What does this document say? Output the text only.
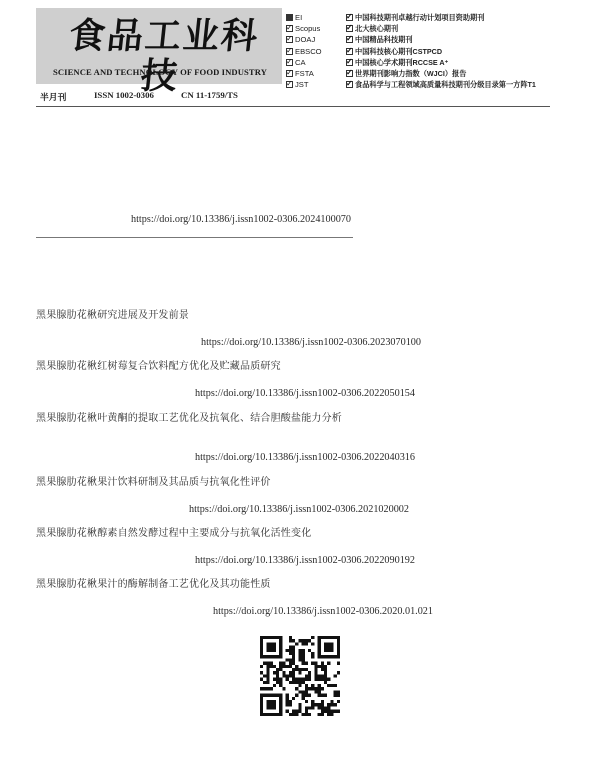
食品工业科技
SCIENCE AND TECHNOLOGY OF FOOD INDUSTRY
半月刊	ISSN 1002-0306	CN 11-1759/TS
EI
✓Scopus
✓DOAJ
✓EBSCO
✓CA
✓FSTA
✓JST
✓中国科技期刊卓越行动计划项目资助期刊
✓北大核心期刊
✓中国精品科技期刊
✓中国科技核心期刊CSTPCD
✓中国核心学术期刊RCCSE A⁺
✓世界期刊影响力指数（WJCI）报告
✓食品科学与工程领域高质量科技期刊分级目录第一方阵T1
https://doi.org/10.13386/j.issn1002-0306.2024100070
黑果腺肋花楸研究进展及开发前景
https://doi.org/10.13386/j.issn1002-0306.2023070100
黑果腺肋花楸红树莓复合饮料配方优化及贮藏品质研究
https://doi.org/10.13386/j.issn1002-0306.2022050154
黑果腺肋花楸叶黄酮的提取工艺优化及抗氧化、结合胆酸盐能力分析
https://doi.org/10.13386/j.issn1002-0306.2022040316
黑果腺肋花楸果汁饮料研制及其品质与抗氧化性评价
https://doi.org/10.13386/j.issn1002-0306.2021020002
黑果腺肋花楸醇素自然发酵过程中主要成分与抗氧化活性变化
https://doi.org/10.13386/j.issn1002-0306.2022090192
黑果腺肋花楸果汁的酶解制备工艺优化及其功能性质
https://doi.org/10.13386/j.issn1002-0306.2020.01.021
